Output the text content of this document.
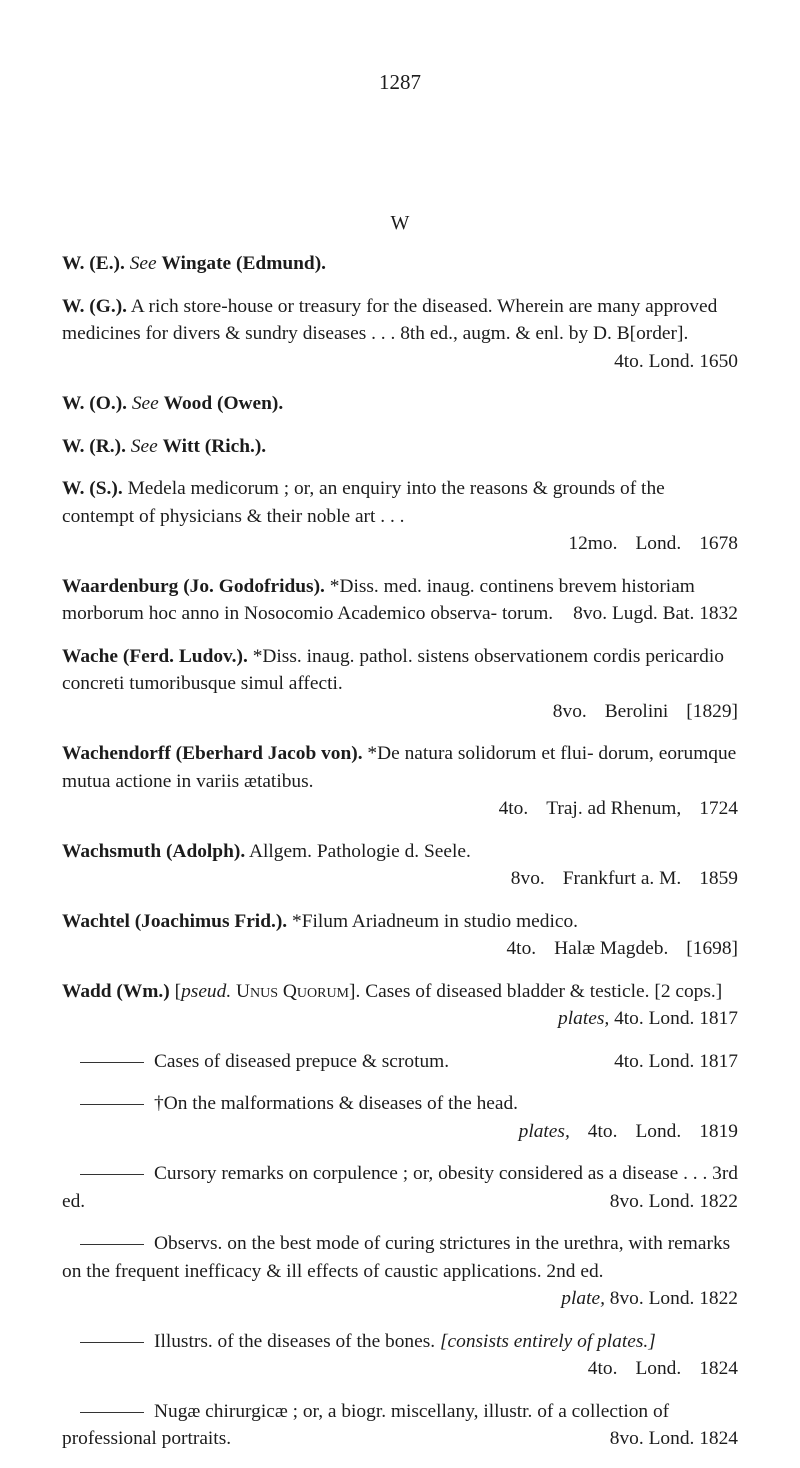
1287
W
W. (E.). See Wingate (Edmund).
W. (G.). A rich store-house or treasury for the diseased. Wherein are many approved medicines for divers & sundry diseases . . . 8th ed., augm. & enl. by D. B[order].
4to. Lond. 1650
W. (O.). See Wood (Owen).
W. (R.). See Witt (Rich.).
W. (S.). Medela medicorum ; or, an enquiry into the reasons & grounds of the contempt of physicians & their noble art . . .
12mo. Lond. 1678
Waardenburg (Jo. Godofridus). *Diss. med. inaug. continens brevem historiam morborum hoc anno in Nosocomio Academico observa- torum. 8vo. Lugd. Bat. 1832
Wache (Ferd. Ludov.). *Diss. inaug. pathol. sistens observationem cordis pericardio concreti tumoribusque simul affecti.
8vo. Berolini [1829]
Wachendorff (Eberhard Jacob von). *De natura solidorum et flui- dorum, eorumque mutua actione in variis ætatibus.
4to. Traj. ad Rhenum, 1724
Wachsmuth (Adolph). Allgem. Pathologie d. Seele.
8vo. Frankfurt a. M. 1859
Wachtel (Joachimus Frid.). *Filum Ariadneum in studio medico.
4to. Halæ Magdeb. [1698]
Wadd (Wm.) [pseud. Unus Quorum]. Cases of diseased bladder & testicle. [2 cops.]
plates, 4to. Lond. 1817
Cases of diseased prepuce & scrotum.	4to. Lond. 1817
†On the malformations & diseases of the head.
plates, 4to. Lond. 1819
Cursory remarks on corpulence ; or, obesity considered as a disease . . . 3rd ed.	8vo. Lond. 1822
Observs. on the best mode of curing strictures in the urethra, with remarks on the frequent inefficacy & ill effects of caustic applications. 2nd ed.
plate, 8vo. Lond. 1822
Illustrs. of the diseases of the bones. [consists entirely of plates.]
4to. Lond. 1824
Nugæ chirurgicæ ; or, a biogr. miscellany, illustr. of a collection of professional portraits.	8vo. Lond. 1824
